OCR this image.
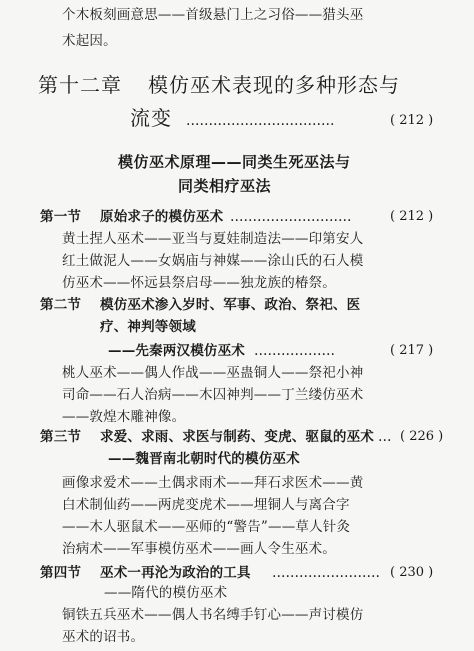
个木板刻画意思——首级悬门上之习俗——猎头巫
术起因。
第十二章 模仿巫术表现的多种形态与
流变 ……………………………	( 212 )
模仿巫术原理——同类生死巫法与
同类相疗巫法
第一节 原始求子的模仿巫术 ………………………	( 212 )
黄土捏人巫术——亚当与夏娃制造法——印第安人
红土做泥人——女娲庙与神媒——涂山氏的石人模
仿巫术——怀远县祭启母——独龙族的椿祭。
第二节 模仿巫术渗入岁时、军事、政治、祭祀、医
疗、神判等领域
——先秦两汉模仿巫术 ………………	( 217 )
桃人巫术——偶人作战——巫蛊铜人——祭祀小神
司命——石人治病——木囚神判——丁兰缕仿巫术
——敦煌木雕神像。
第三节 求爱、求雨、求医与制药、变虎、驱鼠的巫术 … ( 226 )
——魏晋南北朝时代的模仿巫术
画像求爱术——土偶求雨术——拜石求医术——黄
白术制仙药——两虎变虎术——埋铜人与离合字
——木人驱鼠术——巫师的“警告”——草人针灸
治病术——军事模仿巫术——画人令生巫术。
第四节 巫术一再沦为政治的工具 …………………… ( 230 )
——隋代的模仿巫术
铜铁五兵巫术——偶人书名缚手钉心——声讨模仿
巫术的诏书。
